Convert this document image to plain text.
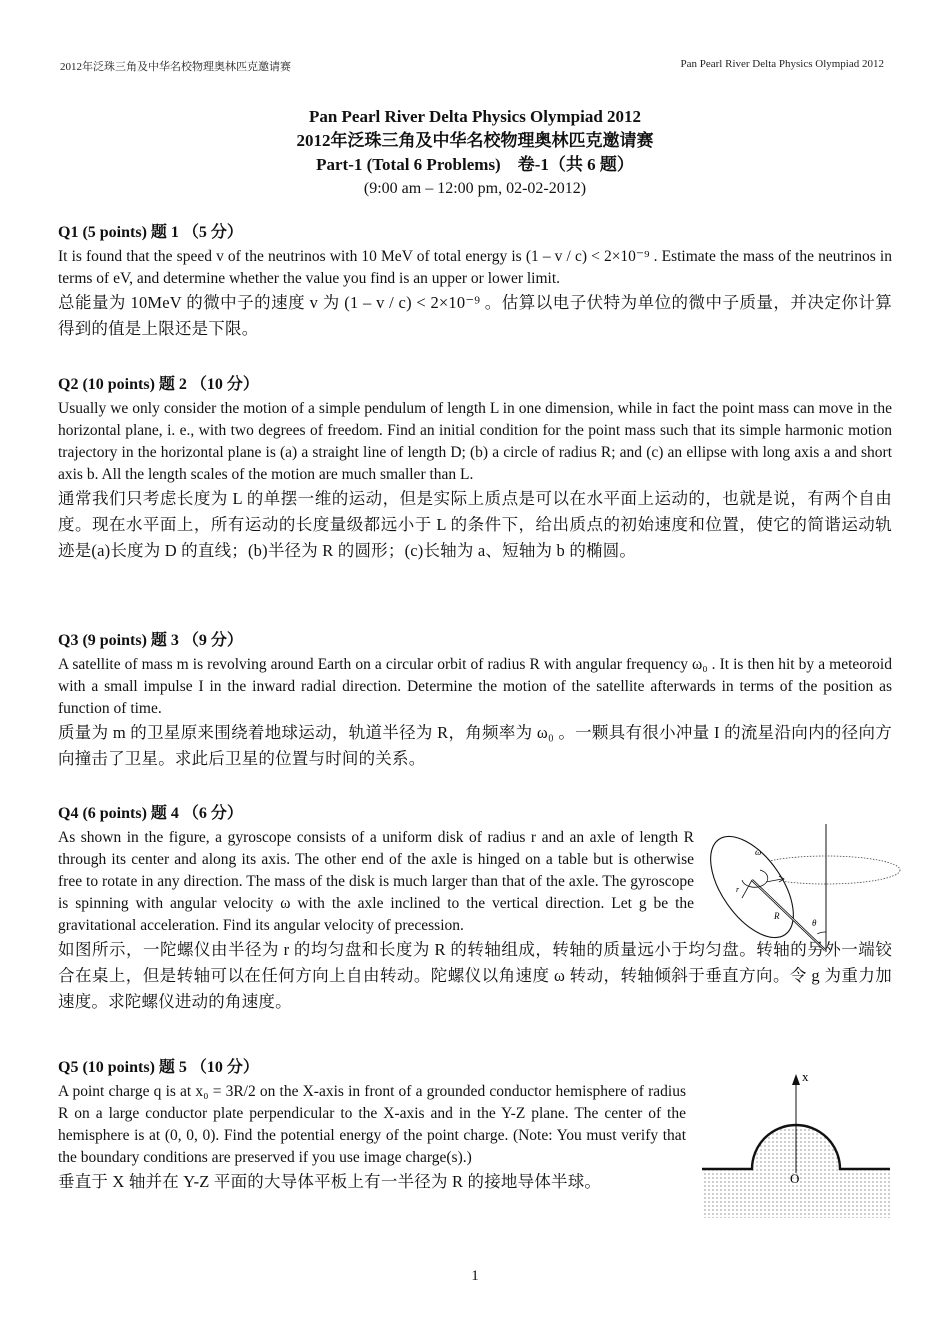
2012年泛珠三角及中华名校物理奥林匹克邀请赛	Pan Pearl River Delta Physics Olympiad 2012
Pan Pearl River Delta Physics Olympiad 2012
2012年泛珠三角及中华名校物理奥林匹克邀请赛
Part-1 (Total 6 Problems)　卷-1（共 6 题）
(9:00 am – 12:00 pm, 02-02-2012)
Q1 (5 points) 题 1 （5 分）

It is found that the speed v of the neutrinos with 10 MeV of total energy is (1 – v / c) < 2×10⁻⁹ . Estimate the mass of the neutrinos in terms of eV, and determine whether the value you find is an upper or lower limit.

总能量为 10MeV 的微中子的速度 v 为 (1 – v / c) < 2×10⁻⁹ 。估算以电子伏特为单位的微中子质量，并决定你计算得到的值是上限还是下限。

Q2 (10 points) 题 2 （10 分）

Usually we only consider the motion of a simple pendulum of length L in one dimension, while in fact the point mass can move in the horizontal plane, i. e., with two degrees of freedom. Find an initial condition for the point mass such that its simple harmonic motion trajectory in the horizontal plane is (a) a straight line of length D; (b) a circle of radius R; and (c) an ellipse with long axis a and short axis b. All the length scales of the motion are much smaller than L.

通常我们只考虑长度为 L 的单摆一维的运动，但是实际上质点是可以在水平面上运动的，也就是说，有两个自由度。现在水平面上，所有运动的长度量级都远小于 L 的条件下，给出质点的初始速度和位置，使它的简谐运动轨迹是(a)长度为 D 的直线；(b)半径为 R 的圆形；(c)长轴为 a、短轴为 b 的椭圆。

Q3 (9 points) 题 3 （9 分）

A satellite of mass m is revolving around Earth on a circular orbit of radius R with angular frequency ω₀ . It is then hit by a meteoroid with a small impulse I in the inward radial direction. Determine the motion of the satellite afterwards in terms of the position as function of time.

质量为 m 的卫星原来围绕着地球运动，轨道半径为 R，角频率为 ω₀ 。一颗具有很小冲量 I 的流星沿向内的径向方向撞击了卫星。求此后卫星的位置与时间的关系。

Q4 (6 points) 题 4 （6 分）

As shown in the figure, a gyroscope consists of a uniform disk of radius r and an axle of length R through its center and along its axis. The other end of the axle is hinged on a table but is otherwise free to rotate in any direction. The mass of the disk is much larger than that of the axle. The gyroscope is spinning with angular velocity ω with the axle inclined to the vertical direction. Let g be the gravitational acceleration. Find its angular velocity of precession.

如图所示，一陀螺仪由半径为 r 的均匀盘和长度为 R 的转轴组成，转轴的质量远小于均匀盘。转轴的另外一端铰合在桌上，但是转轴可以在任何方向上自由转动。陀螺仪以角速度 ω 转动，转轴倾斜于垂直方向。令 g 为重力加速度。求陀螺仪进动的角速度。

ω
r
R
θ
Q5 (10 points) 题 5 （10 分）

A point charge q is at x₀ = 3R/2 on the X-axis in front of a grounded conductor hemisphere of radius R on a large conductor plate perpendicular to the X-axis and in the Y-Z plane. The center of the hemisphere is at (0, 0, 0). Find the potential energy of the point charge. (Note: You must verify that the boundary conditions are preserved if you use image charge(s).)

垂直于 X 轴并在 Y-Z 平面的大导体平板上有一半径为 R 的接地导体半球。

x
O
1
